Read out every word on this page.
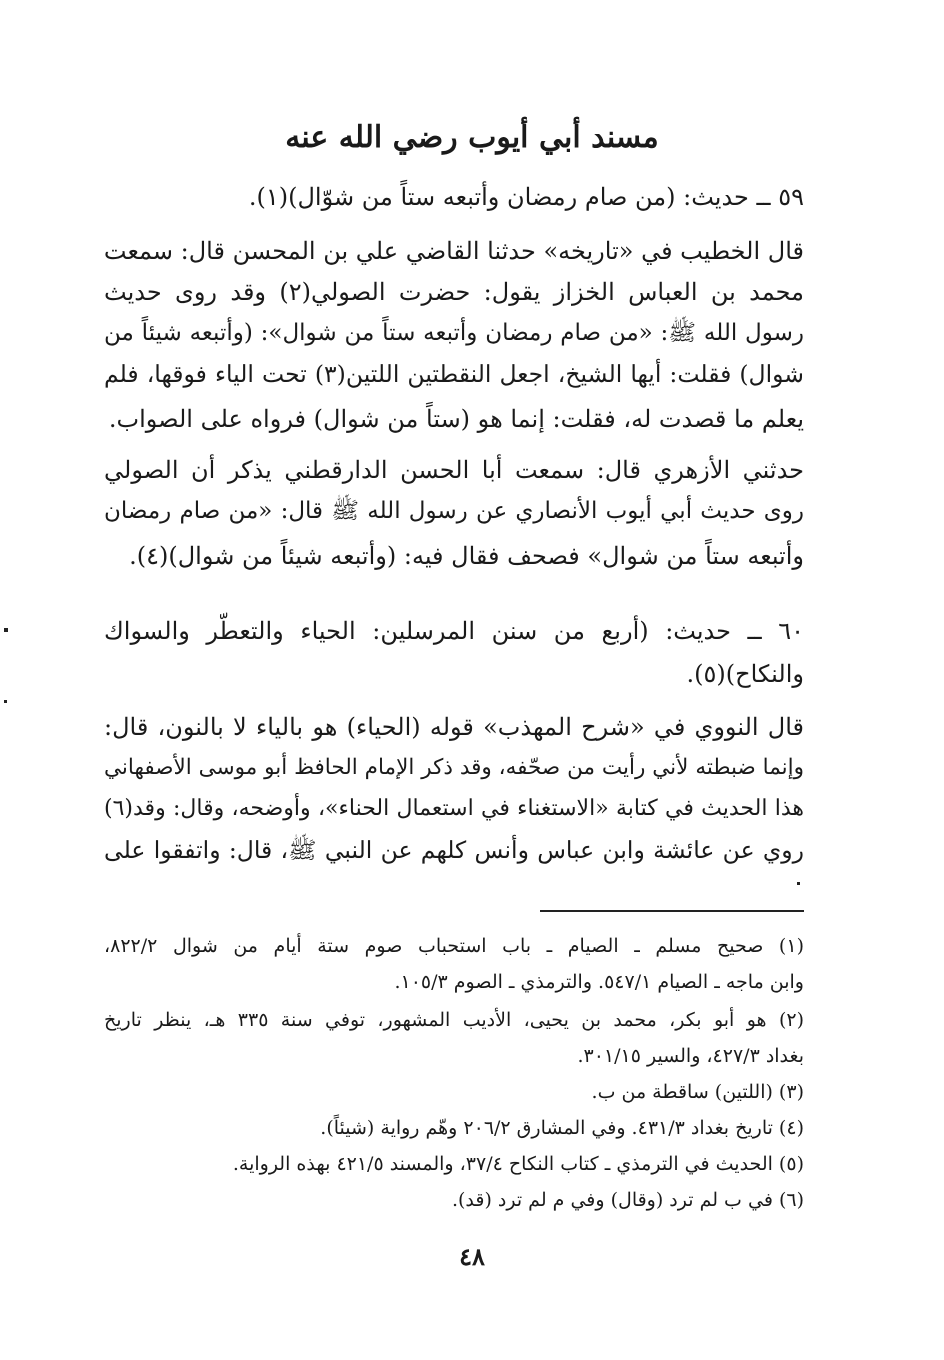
مسند أبي أيوب رضي الله عنه
٥٩ ــ حديث: (من صام رمضان وأتبعه ستاً من شوّال)(١).
قال الخطيب في «تاريخه» حدثنا القاضي علي بن المحسن قال: سمعت
محمد بن العباس الخزاز يقول: حضرت الصولي(٢) وقد روى حديث
رسول الله ﷺ: «من صام رمضان وأتبعه ستاً من شوال»: (وأتبعه شيئاً من
شوال) فقلت: أيها الشيخ، اجعل النقطتين اللتين(٣) تحت الياء فوقها، فلم
يعلم ما قصدت له، فقلت: إنما هو (ستاً من شوال) فرواه على الصواب.
حدثني الأزهري قال: سمعت أبا الحسن الدارقطني يذكر أن الصولي
روى حديث أبي أيوب الأنصاري عن رسول الله ﷺ قال: «من صام رمضان
وأتبعه ستاً من شوال» فصحف فقال فيه: (وأتبعه شيئاً من شوال)(٤).
٦٠ ــ حديث: (أربع من سنن المرسلين: الحياء والتعطّر والسواك
والنكاح)(٥).
قال النووي في «شرح المهذب» قوله (الحياء) هو بالياء لا بالنون، قال:
وإنما ضبطته لأني رأيت من صحّفه، وقد ذكر الإمام الحافظ أبو موسى الأصفهاني
هذا الحديث في كتابة «الاستغناء في استعمال الحناء»، وأوضحه، وقال: وقد(٦)
روي عن عائشة وابن عباس وأنس كلهم عن النبي ﷺ، قال: واتفقوا على
(١) صحيح مسلم ـ الصيام ـ باب استحباب صوم ستة أيام من شوال ٨٢٢/٢،
وابن ماجه ـ الصيام ٥٤٧/١. والترمذي ـ الصوم ١٠٥/٣.
(٢) هو أبو بكر، محمد بن يحيى، الأديب المشهور، توفي سنة ٣٣٥ هـ، ينظر تاريخ
بغداد ٤٢٧/٣، والسير ٣٠١/١٥.
(٣) (اللتين) ساقطة من ب.
(٤) تاريخ بغداد ٤٣١/٣. وفي المشارق ٢٠٦/٢ وهّم رواية (شيئاً).
(٥) الحديث في الترمذي ـ كتاب النكاح ٣٧/٤، والمسند ٤٢١/٥ بهذه الرواية.
(٦) في ب لم ترد (وقال) وفي م لم ترد (قد).
٤٨
